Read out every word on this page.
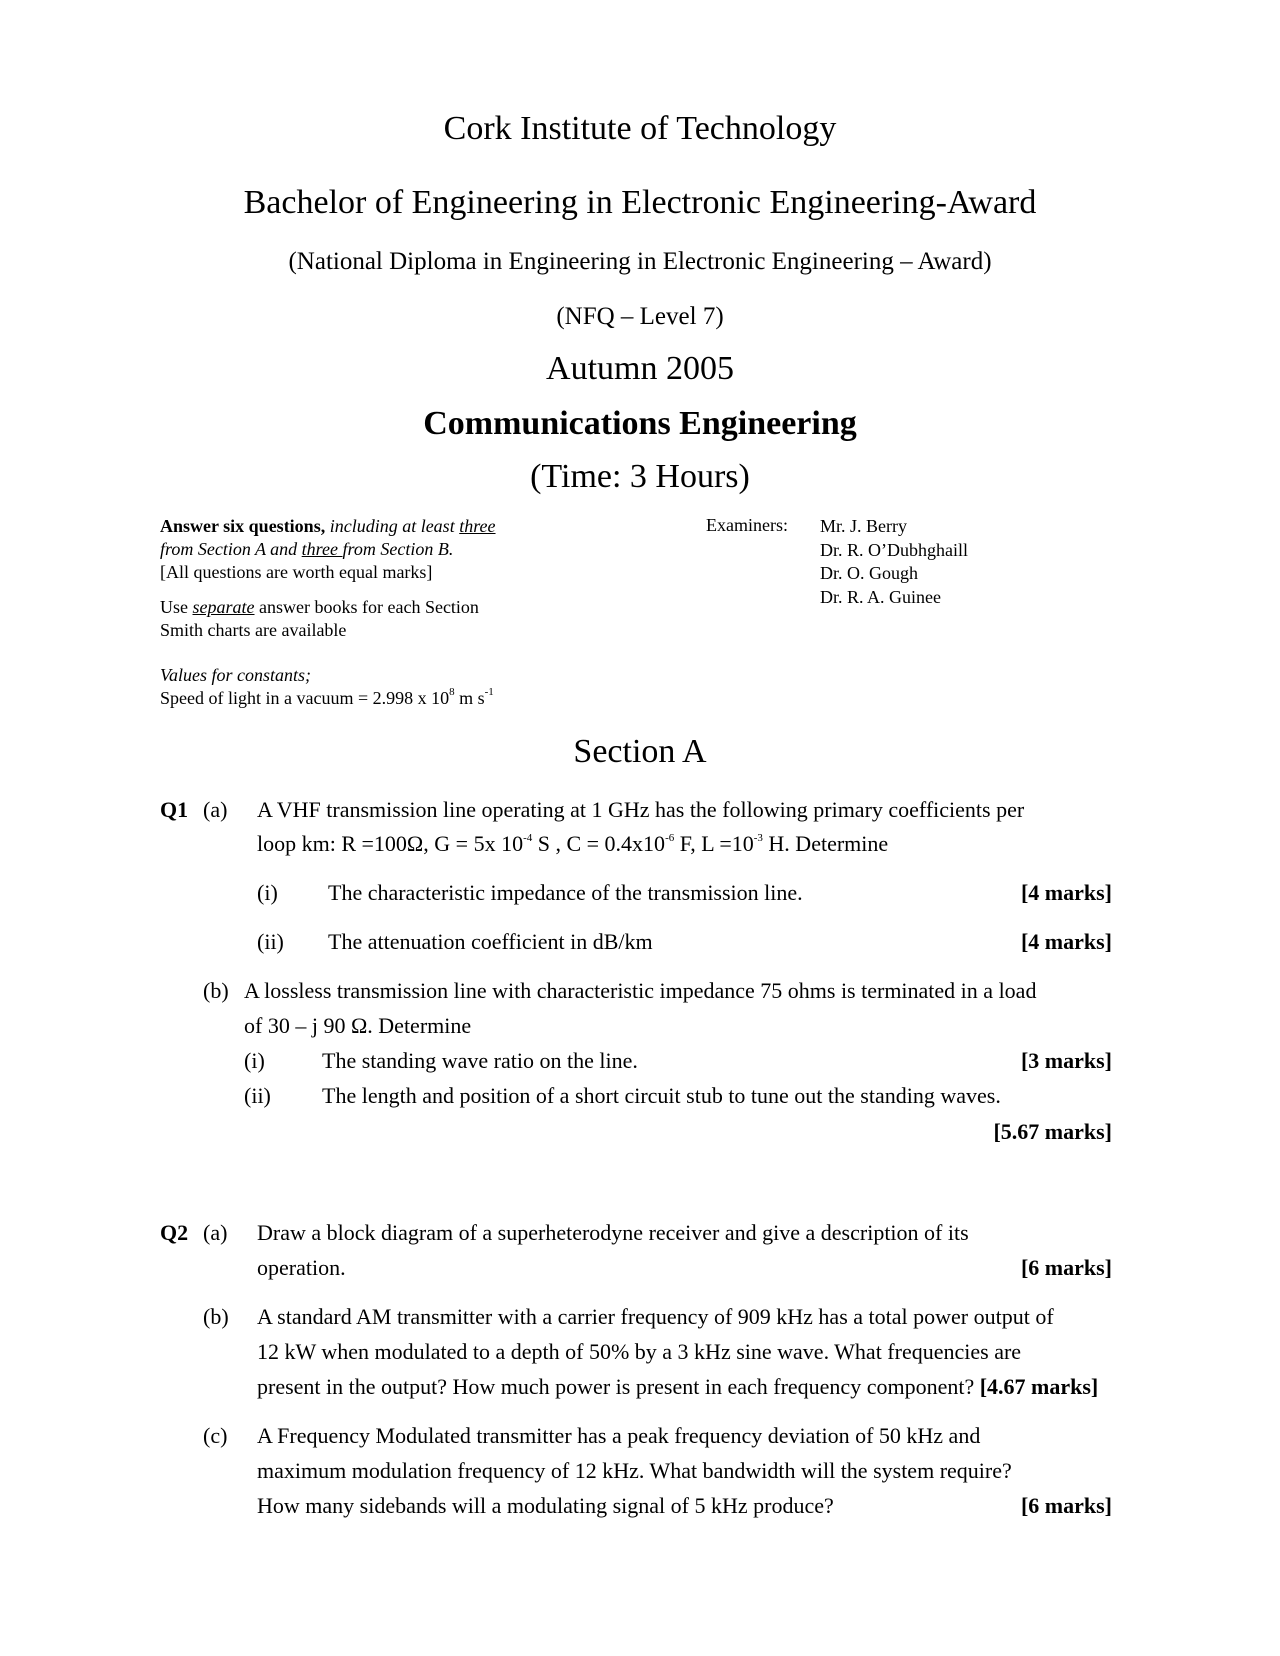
Cork Institute of Technology
Bachelor of Engineering in Electronic Engineering-Award
(National Diploma in Engineering in Electronic Engineering – Award)
(NFQ – Level 7)
Autumn 2005
Communications Engineering
(Time: 3 Hours)

Answer six questions, including at least three

from Section A and three from Section B.

[All questions are worth equal marks]

Use separate answer books for each Section

Smith charts are available

Values for constants;

Speed of light in a vacuum = 2.998 x $10^8$ m $s^{-1}$

Examiners: Mr. J. Berry
Dr. R. O’Dubhghaill
Dr. O. Gough
Dr. R. A. Guinee
Section A
Q1 (a) A VHF transmission line operating at 1 GHz has the following primary coefficients per
loop km: R =100Ω, G = 5x $10^{-4}$ S , $C = 0.4x10^{-6}$ F, $L =10^{-3}$ H. Determine
(i) The characteristic impedance of the transmission line.	[4 marks]
(ii) The attenuation coefficient in dB/km	[4 marks]
(b) A lossless transmission line with characteristic impedance 75 ohms is terminated in a load
of 30 – j 90 Ω. Determine
(i)	The standing wave ratio on the line.	[3 marks]
(ii) The length and position of a short circuit stub to tune out the standing waves.
[5.67 marks]
Q2 (a) Draw a block diagram of a superheterodyne receiver and give a description of its
operation.	[6 marks]
(b) A standard AM transmitter with a carrier frequency of 909 kHz has a total power output of
12 kW when modulated to a depth of 50% by a 3 kHz sine wave. What frequencies are
present in the output? How much power is present in each frequency component? [4.67 marks]
(c) A Frequency Modulated transmitter has a peak frequency deviation of 50 kHz and
maximum modulation frequency of 12 kHz. What bandwidth will the system require?
How many sidebands will a modulating signal of 5 kHz produce?	[6 marks]
